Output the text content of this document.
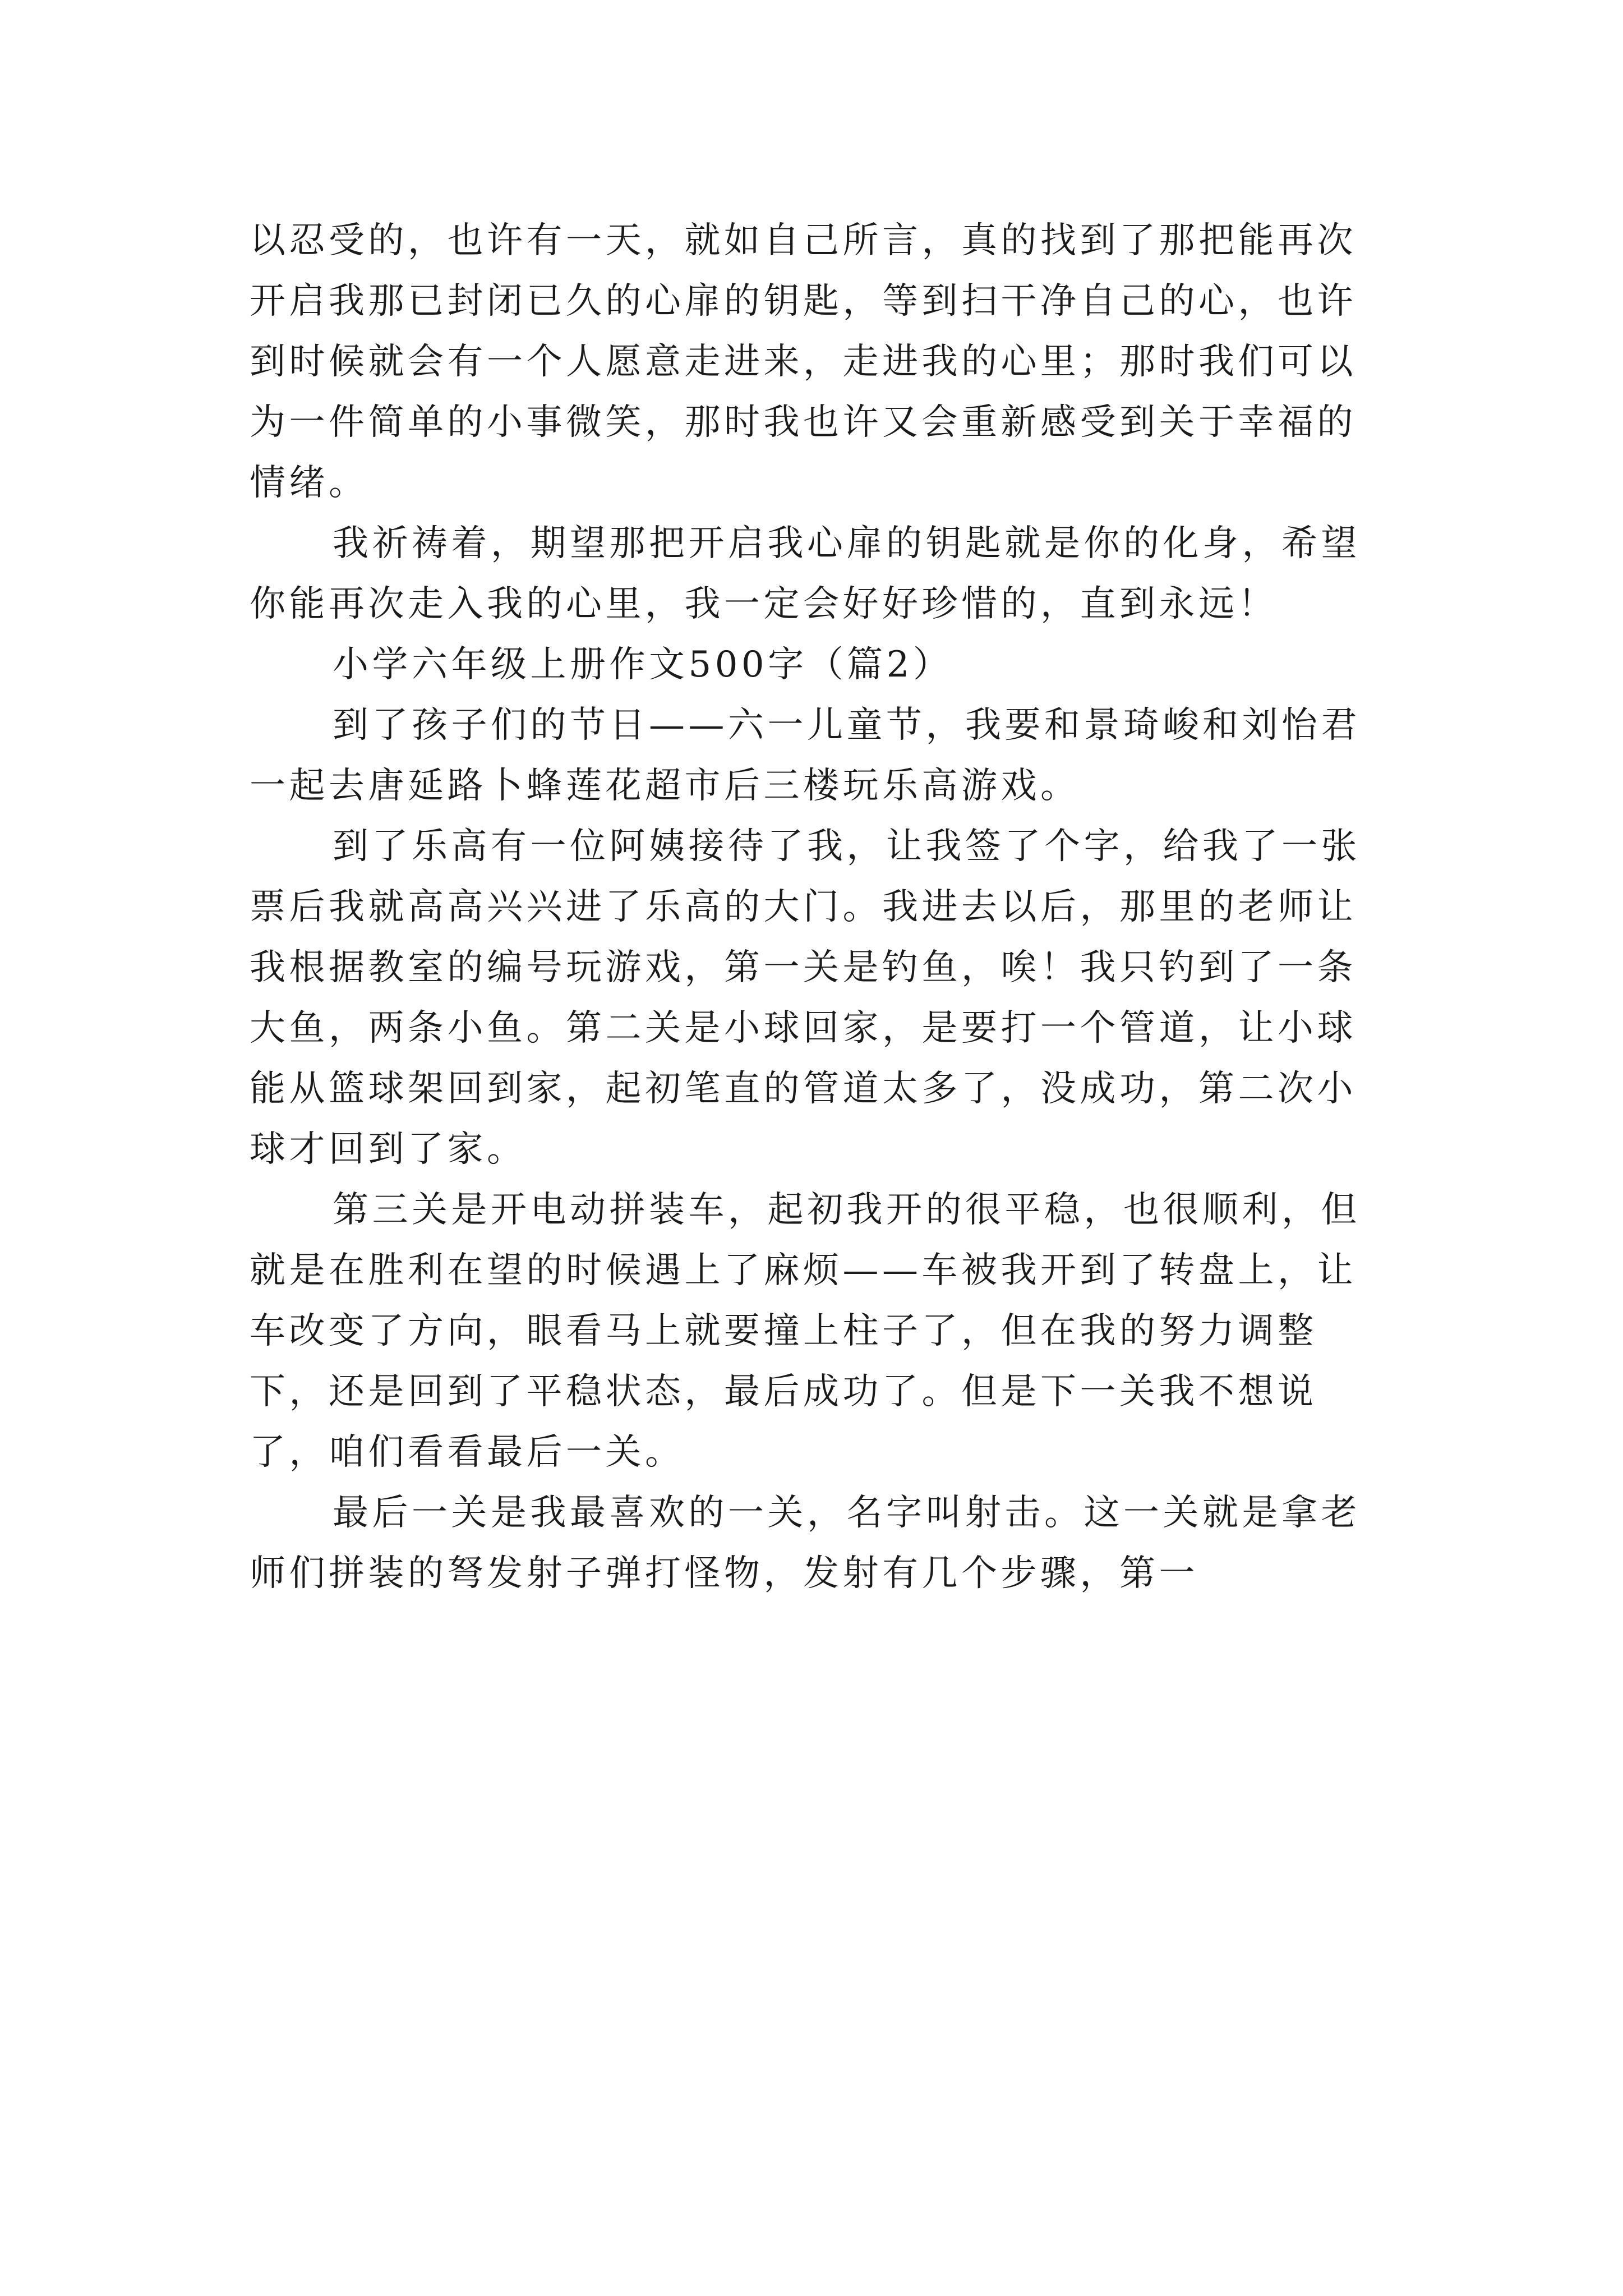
以忍受的，也许有一天，就如自己所言，真的找到了那把能再次开启我那已封闭已久的心扉的钥匙，等到扫干净自己的心，也许到时候就会有一个人愿意走进来，走进我的心里；那时我们可以为一件简单的小事微笑，那时我也许又会重新感受到关于幸福的情绪。

我祈祷着，期望那把开启我心扉的钥匙就是你的化身，希望你能再次走入我的心里，我一定会好好珍惜的，直到永远！

小学六年级上册作文500字（篇2）

到了孩子们的节日——六一儿童节，我要和景琦峻和刘怡君一起去唐延路卜蜂莲花超市后三楼玩乐高游戏。

到了乐高有一位阿姨接待了我，让我签了个字，给我了一张票后我就高高兴兴进了乐高的大门。我进去以后，那里的老师让我根据教室的编号玩游戏，第一关是钓鱼，唉！我只钓到了一条大鱼，两条小鱼。第二关是小球回家，是要打一个管道，让小球能从篮球架回到家，起初笔直的管道太多了，没成功，第二次小球才回到了家。

第三关是开电动拼装车，起初我开的很平稳，也很顺利，但就是在胜利在望的时候遇上了麻烦——车被我开到了转盘上，让车改变了方向，眼看马上就要撞上柱子了，但在我的努力调整下，还是回到了平稳状态，最后成功了。但是下一关我不想说了，咱们看看最后一关。

最后一关是我最喜欢的一关，名字叫射击。这一关就是拿老师们拼装的弩发射子弹打怪物，发射有几个步骤，第一
